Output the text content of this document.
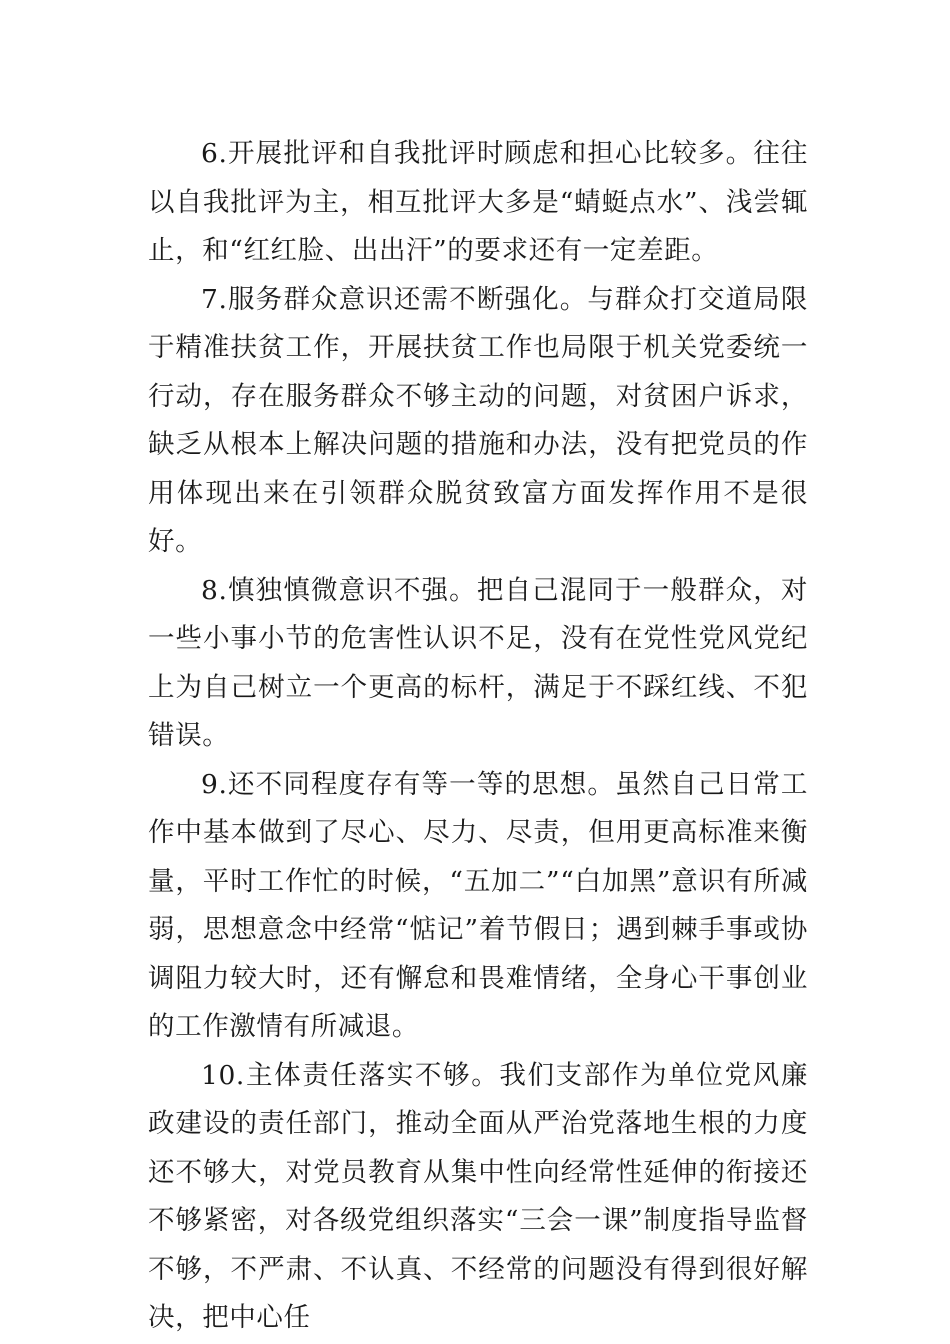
6.开展批评和自我批评时顾虑和担心比较多。往往以自我批评为主，相互批评大多是“蜻蜓点水”、浅尝辄止，和“红红脸、出出汗”的要求还有一定差距。

7.服务群众意识还需不断强化。与群众打交道局限于精准扶贫工作，开展扶贫工作也局限于机关党委统一行动，存在服务群众不够主动的问题，对贫困户诉求，缺乏从根本上解决问题的措施和办法，没有把党员的作用体现出来在引领群众脱贫致富方面发挥作用不是很好。

8.慎独慎微意识不强。把自己混同于一般群众，对一些小事小节的危害性认识不足，没有在党性党风党纪上为自己树立一个更高的标杆，满足于不踩红线、不犯错误。

9.还不同程度存有等一等的思想。虽然自己日常工作中基本做到了尽心、尽力、尽责，但用更高标准来衡量，平时工作忙的时候，“五加二”“白加黑”意识有所减弱，思想意念中经常“惦记”着节假日；遇到棘手事或协调阻力较大时，还有懈怠和畏难情绪，全身心干事创业的工作激情有所减退。

10.主体责任落实不够。我们支部作为单位党风廉政建设的责任部门，推动全面从严治党落地生根的力度还不够大，对党员教育从集中性向经常性延伸的衔接还不够紧密，对各级党组织落实“三会一课”制度指导监督不够，不严肃、不认真、不经常的问题没有得到很好解决，把中心任
